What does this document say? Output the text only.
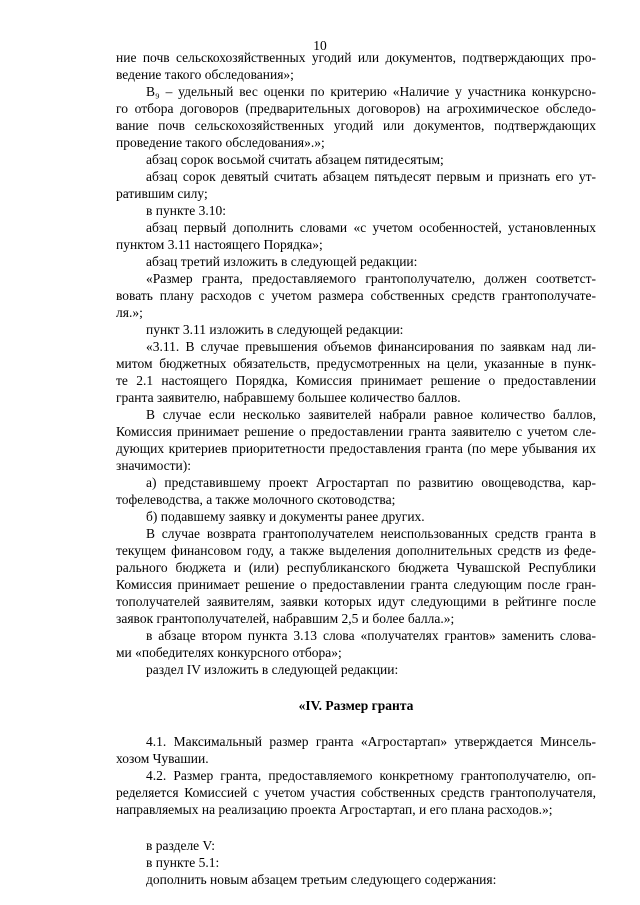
10
ние почв сельскохозяйственных угодий или документов, подтверждающих про-
ведение такого обследования»;
B₉ – удельный вес оценки по критерию «Наличие у участника конкурсно-
го отбора договоров (предварительных договоров) на агрохимическое обследо-
вание почв сельскохозяйственных угодий или документов, подтверждающих
проведение такого обследования».»;
абзац сорок восьмой считать абзацем пятидесятым;
абзац сорок девятый считать абзацем пятьдесят первым и признать его ут-
ратившим силу;
в пункте 3.10:
абзац первый дополнить словами «с учетом особенностей, установленных
пунктом 3.11 настоящего Порядка»;
абзац третий изложить в следующей редакции:
«Размер гранта, предоставляемого грантополучателю, должен соответст-
вовать плану расходов с учетом размера собственных средств грантополучате-
ля.»;
пункт 3.11 изложить в следующей редакции:
«3.11. В случае превышения объемов финансирования по заявкам над ли-
митом бюджетных обязательств, предусмотренных на цели, указанные в пунк-
те 2.1 настоящего Порядка, Комиссия принимает решение о предоставлении
гранта заявителю, набравшему большее количество баллов.
В случае если несколько заявителей набрали равное количество баллов,
Комиссия принимает решение о предоставлении гранта заявителю с учетом сле-
дующих критериев приоритетности предоставления гранта (по мере убывания их
значимости):
а) представившему проект Агростартап по развитию овощеводства, кар-
тофелеводства, а также молочного скотоводства;
б) подавшему заявку и документы ранее других.
В случае возврата грантополучателем неиспользованных средств гранта в
текущем финансовом году, а также выделения дополнительных средств из феде-
рального бюджета и (или) республиканского бюджета Чувашской Республики
Комиссия принимает решение о предоставлении гранта следующим после гран-
тополучателей заявителям, заявки которых идут следующими в рейтинге после
заявок грантополучателей, набравшим 2,5 и более балла.»;
в абзаце втором пункта 3.13 слова «получателях грантов» заменить слова-
ми «победителях конкурсного отбора»;
раздел IV изложить в следующей редакции:
«IV. Размер гранта
4.1. Максимальный размер гранта «Агростартап» утверждается Минсель-
хозом Чувашии.
4.2. Размер гранта, предоставляемого конкретному грантополучателю, оп-
ределяется Комиссией с учетом участия собственных средств грантополучателя,
направляемых на реализацию проекта Агростартап, и его плана расходов.»;
в разделе V:
в пункте 5.1:
дополнить новым абзацем третьим следующего содержания:
